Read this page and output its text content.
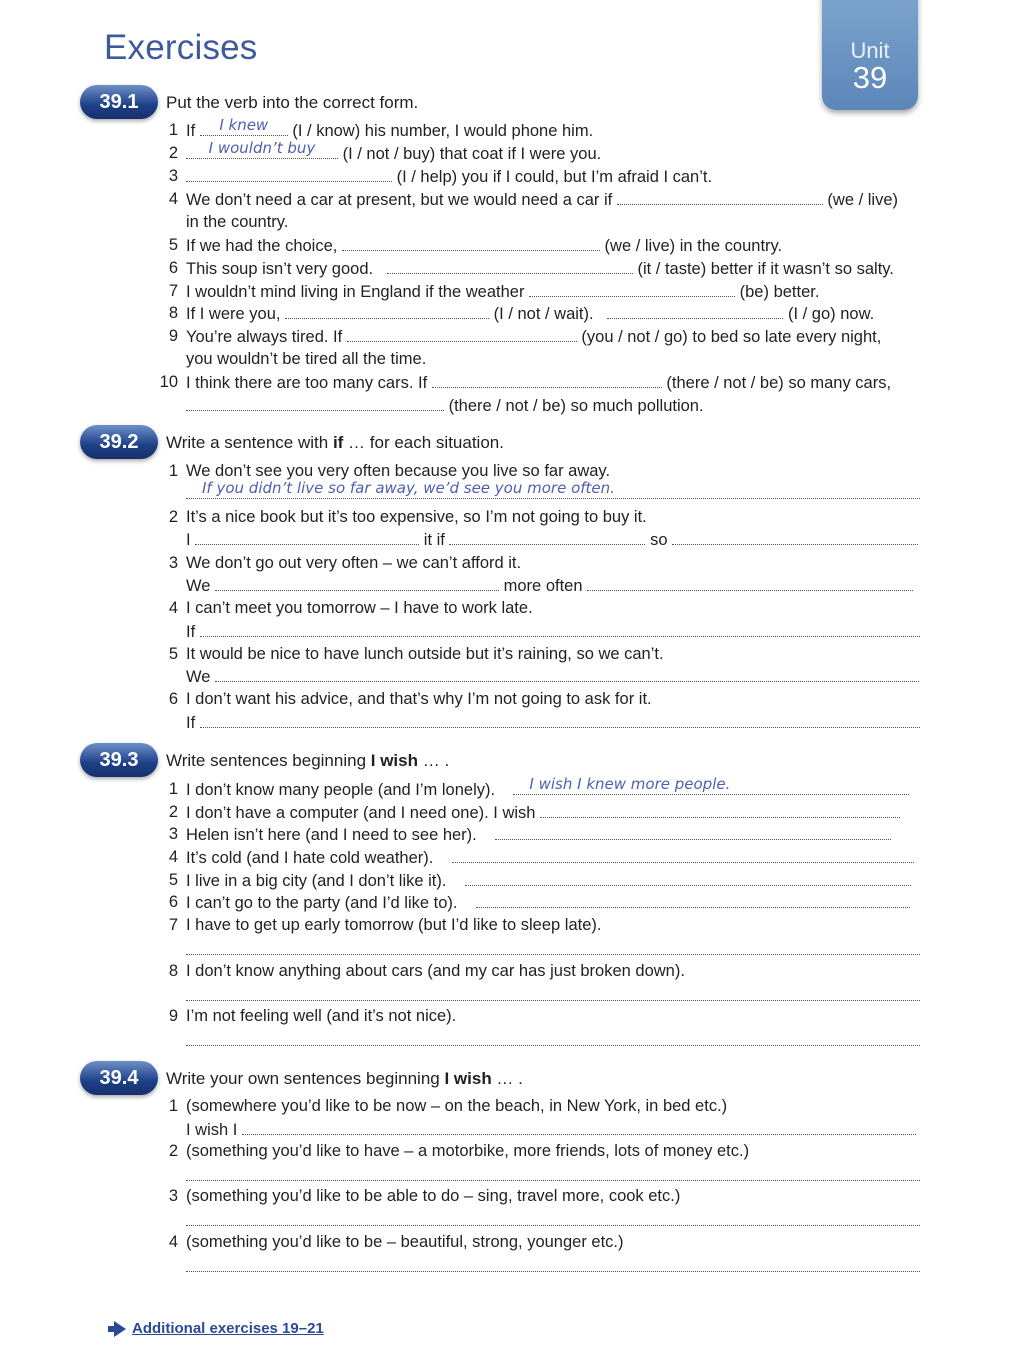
Exercises	Unit
39
39.1	Put the verb into the correct form.
1 If	I knew	(I / know) his number, I would phone him.
2	I wouldn’t buy	(I / not / buy) that coat if I were you.
3	(I / help) you if I could, but I’m afraid I can’t.
4 We don’t need a car at present, but we would need a car if	(we / live)
in the country.
5 If we had the choice,	(we / live) in the country.
6 This soup isn’t very good.	(it / taste) better if it wasn’t so salty.
7 I wouldn’t mind living in England if the weather	(be) better.
8 If I were you,	(I / not / wait).	(I / go) now.
9 You’re always tired. If	(you / not / go) to bed so late every night,
you wouldn’t be tired all the time.
10 I think there are too many cars. If	(there / not / be) so many cars,
(there / not / be) so much pollution.
39.2	Write a sentence with if … for each situation.
1 We don’t see you very often because you live so far away.
If you didn’t live so far away, we’d see you more often.
2 It’s a nice book but it’s too expensive, so I’m not going to buy it.
I	it if	so
3 We don’t go out very often – we can’t afford it.
We	more often
4 I can’t meet you tomorrow – I have to work late.
If
5 It would be nice to have lunch outside but it’s raining, so we can’t.
We
6 I don’t want his advice, and that’s why I’m not going to ask for it.
If
39.3	Write sentences beginning I wish … .
1 I don’t know many people (and I’m lonely).	I wish I knew more people.
2 I don’t have a computer (and I need one). I wish
3 Helen isn’t here (and I need to see her).
4 It’s cold (and I hate cold weather).
5 I live in a big city (and I don’t like it).
6 I can’t go to the party (and I’d like to).
7 I have to get up early tomorrow (but I’d like to sleep late).
8 I don’t know anything about cars (and my car has just broken down).
9 I’m not feeling well (and it’s not nice).
39.4	Write your own sentences beginning I wish … .
1 (somewhere you’d like to be now – on the beach, in New York, in bed etc.)
I wish I
2 (something you’d like to have – a motorbike, more friends, lots of money etc.)
3 (something you’d like to be able to do – sing, travel more, cook etc.)
4 (something you’d like to be – beautiful, strong, younger etc.)
Additional exercises 19–21
